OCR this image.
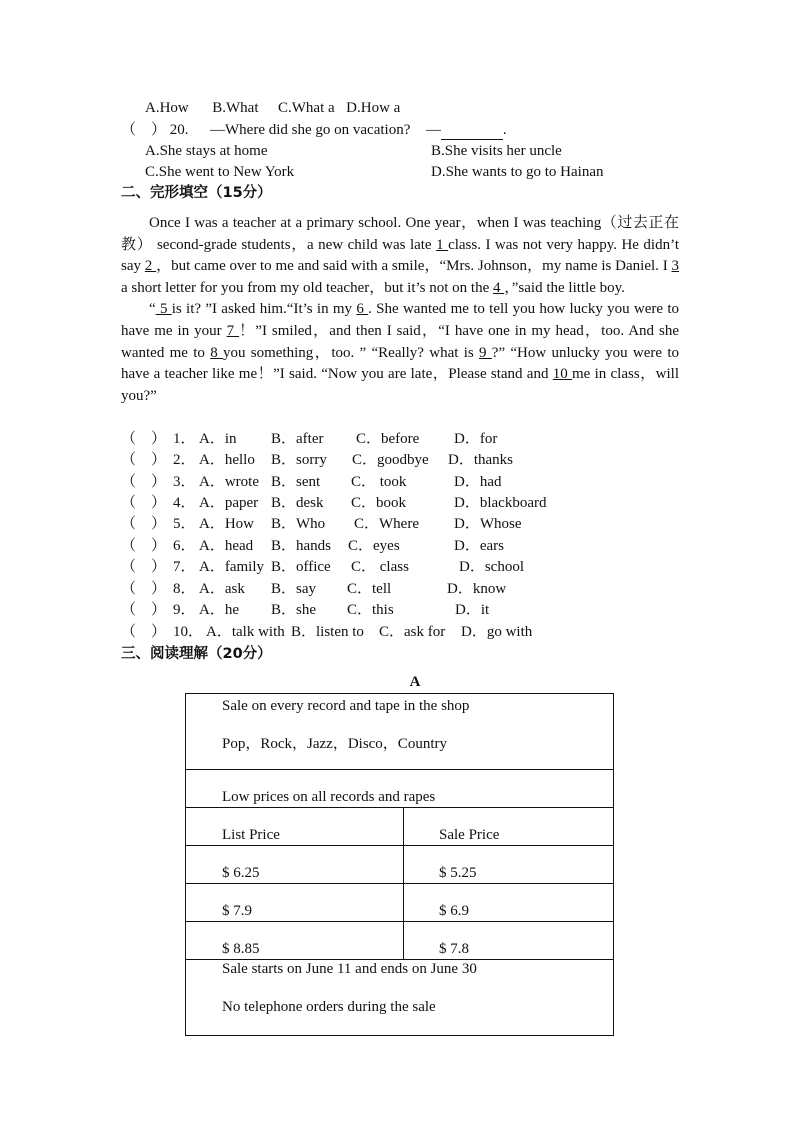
A.How B.What C.What a D.How a
（　） 20. —Where did she go on vacation? —	.
A.She stays at home	B.She visits her uncle
C.She went to New York	D.She wants to go to Hainan
二、完形填空（15分）

Once I was a teacher at a primary school. One year，when I was teaching（过去正在教） second-grade students，a new child was late 1 class. I was not very happy. He didn’t say 2 ，but came over to me and said with a smile，“Mrs. Johnson，my name is Daniel. I 3 a short letter for you from my old teacher，but it’s not on the 4 ，”said the little boy.

“ 5 is it? ”I asked him.“It’s in my 6 . She wanted me to tell you how lucky you were to have me in your 7 ！”I smiled，and then I said，“I have one in my head，too. And she wanted me to 8 you something，too. ” “Really? what is 9 ?” “How unlucky you were to have a teacher like me！”I said. “Now you are late，Please stand and 10 me in class，will you?”

（　） 1． A．in B．after C．before D．for
（　） 2． A．hello B．sorry C．goodbye D．thanks
（　） 3． A．wrote B．sent C． took	D．had
（　） 4． A．paper B．desk C．book	D．blackboard
（　） 5． A．How B．Who C．Where D．Whose
（　） 6． A．head B．hands C．eyes	D．ears
（　） 7． A．family B．office C． class	D．school
（　） 8． A．ask B．say C．tell	D．know
（　） 9． A．he B．she C．this	D．it
（　） 10． A．talk with B．listen to C．ask for D．go with
三、阅读理解（20分）
A
Sale on every record and tape in the shop
Pop，Rock，Jazz，Disco，Country	

Low prices on all records and rapes	

List Price	Sale Price

$ 6.25	$ 5.25

$ 7.9	$ 6.9

$ 8.85	$ 7.8

Sale starts on June 11 and ends on June 30
No telephone orders during the sale	
